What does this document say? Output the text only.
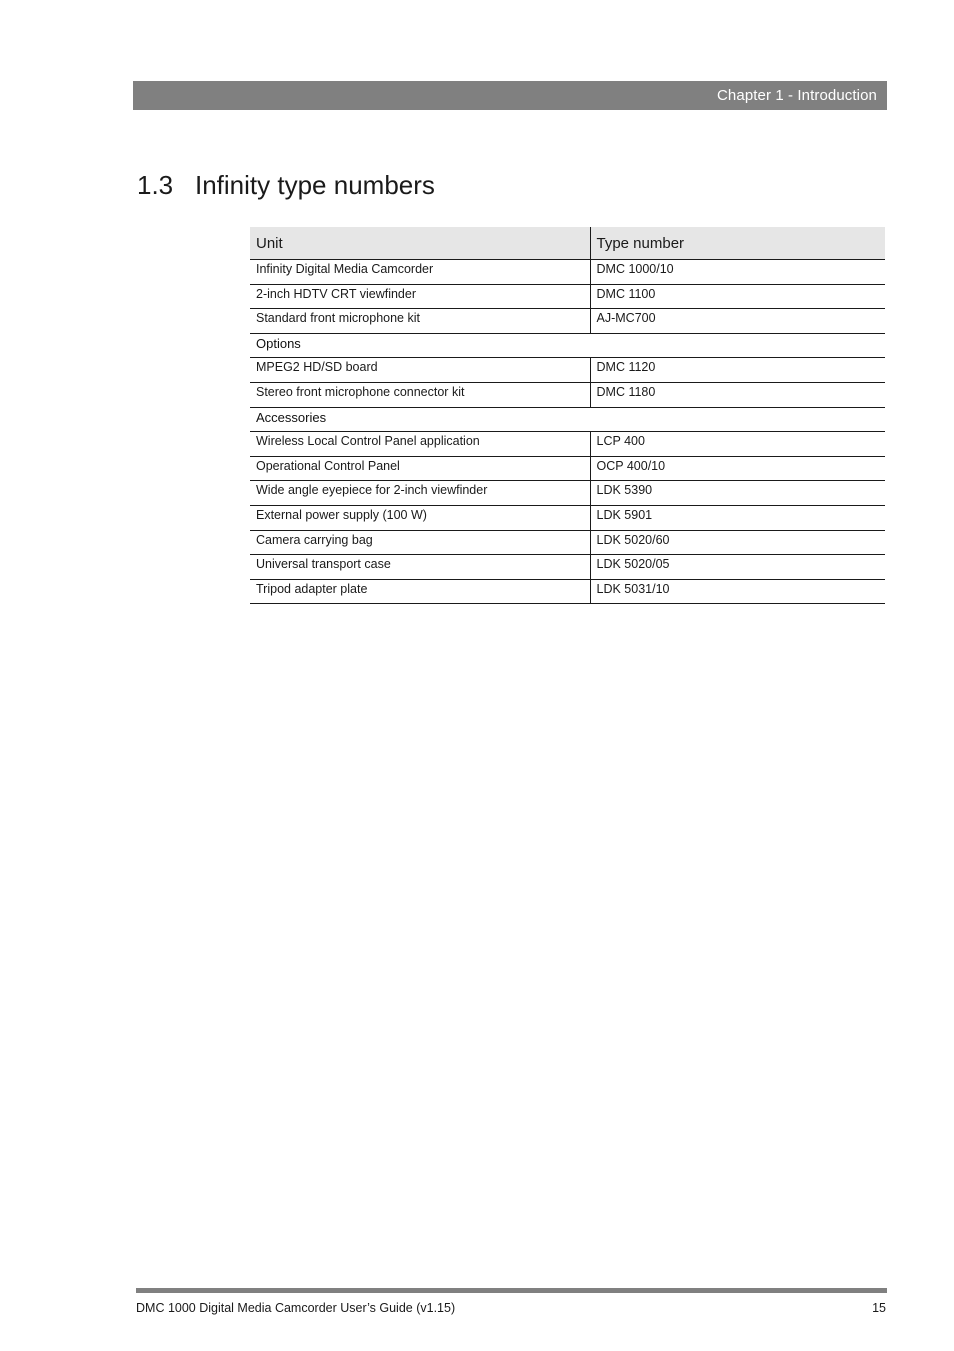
Chapter 1 - Introduction
1.3 Infinity type numbers
Unit	Type number
Infinity Digital Media Camcorder	DMC 1000/10
2-inch HDTV CRT viewfinder	DMC 1100
Standard front microphone kit	AJ-MC700
Options	
MPEG2 HD/SD board	DMC 1120
Stereo front microphone connector kit	DMC 1180
Accessories	
Wireless Local Control Panel application	LCP 400
Operational Control Panel	OCP 400/10
Wide angle eyepiece for 2-inch viewfinder	LDK 5390
External power supply (100 W)	LDK 5901
Camera carrying bag	LDK 5020/60
Universal transport case	LDK 5020/05
Tripod adapter plate	LDK 5031/10
DMC 1000 Digital Media Camcorder User’s Guide (v1.15)	15
